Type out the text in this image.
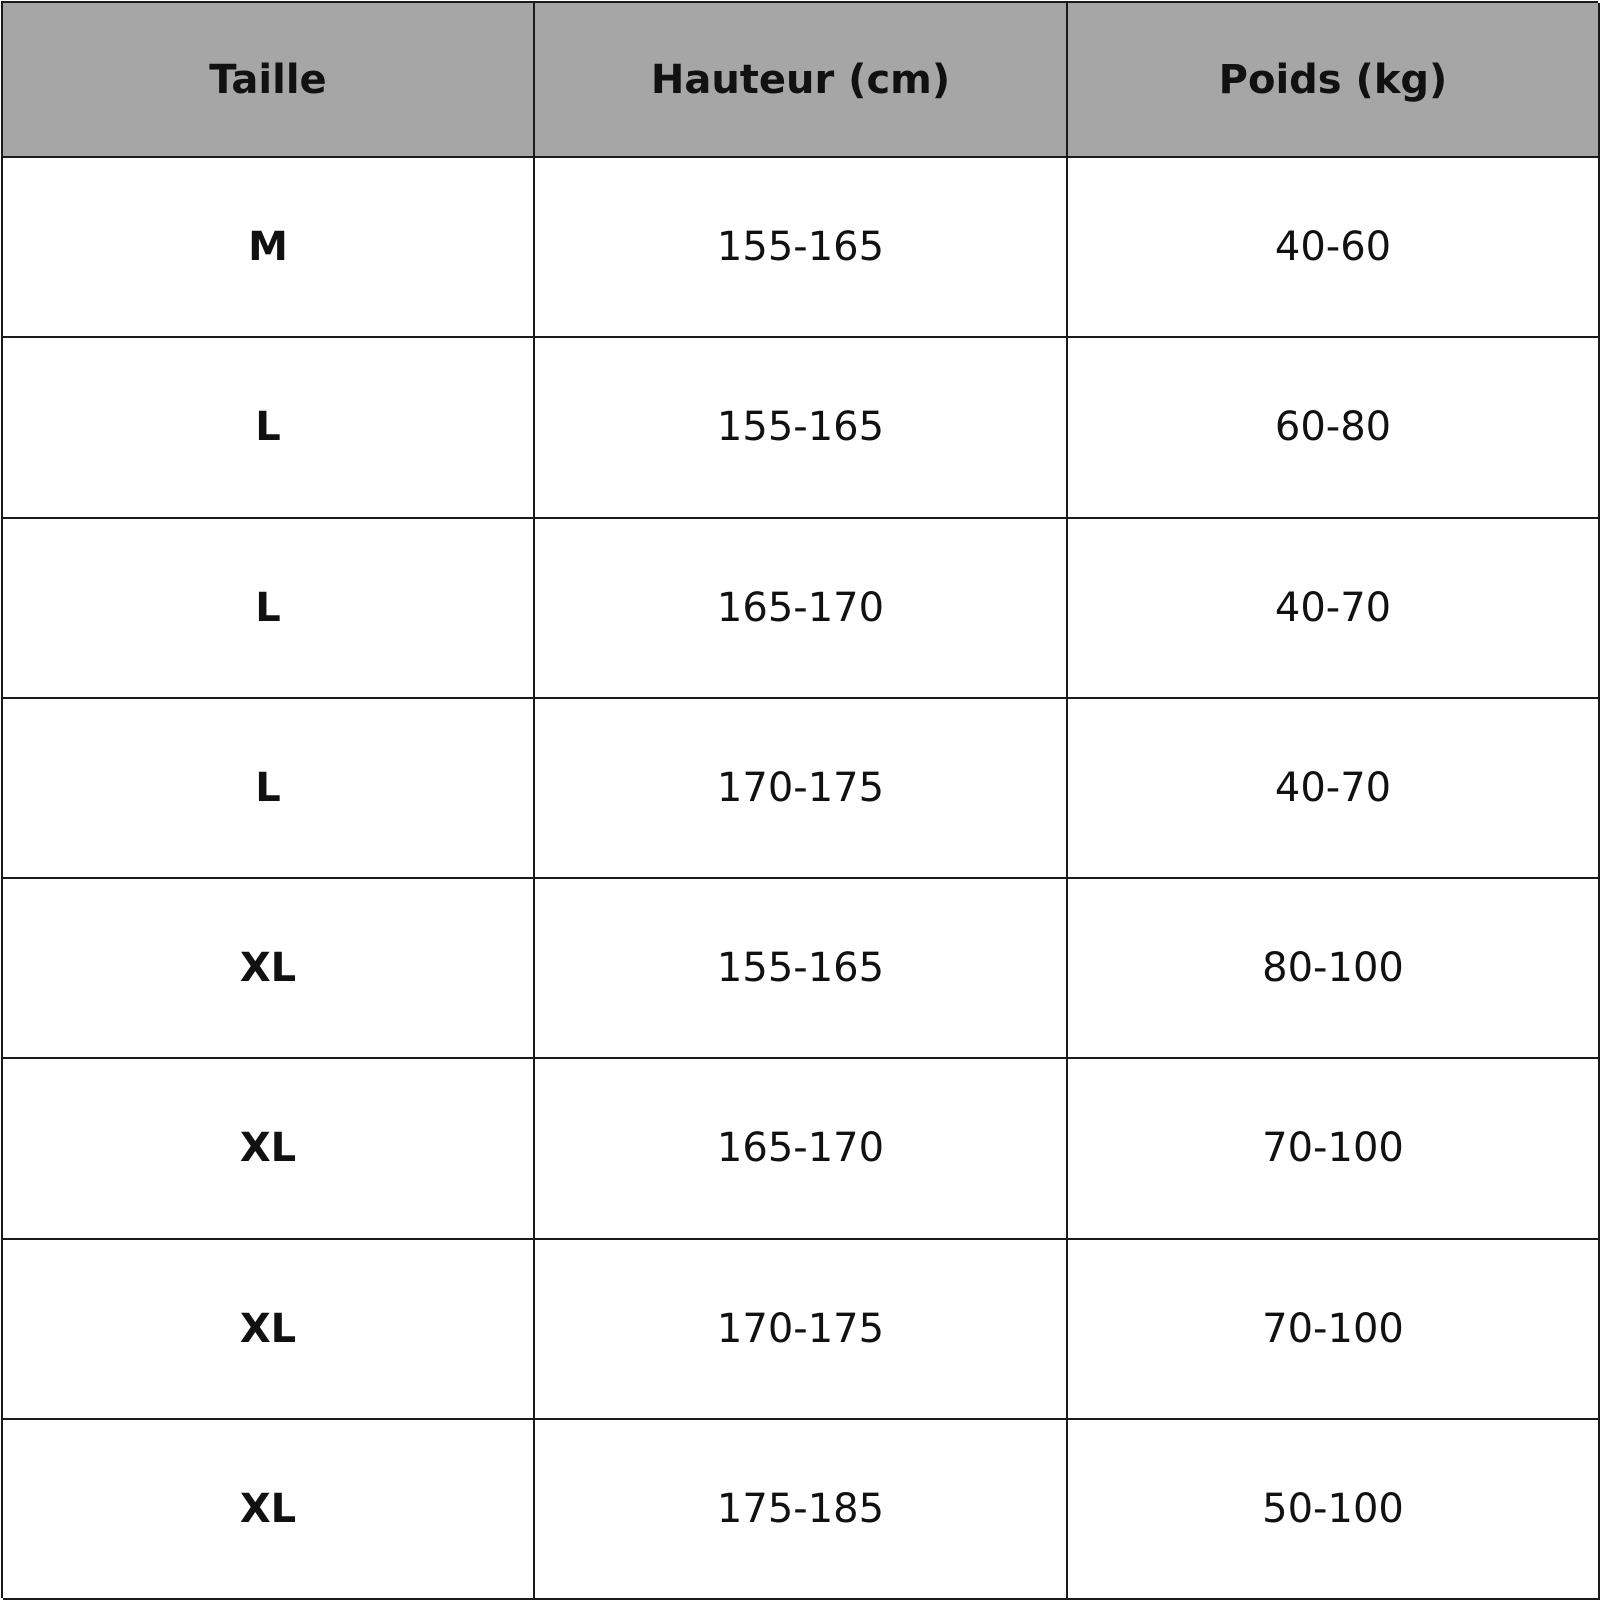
Taille	Hauteur (cm)	Poids (kg)
M	155-165	40-60
L	155-165	60-80
L	165-170	40-70
L	170-175	40-70
XL	155-165	80-100
XL	165-170	70-100
XL	170-175	70-100
XL	175-185	50-100
